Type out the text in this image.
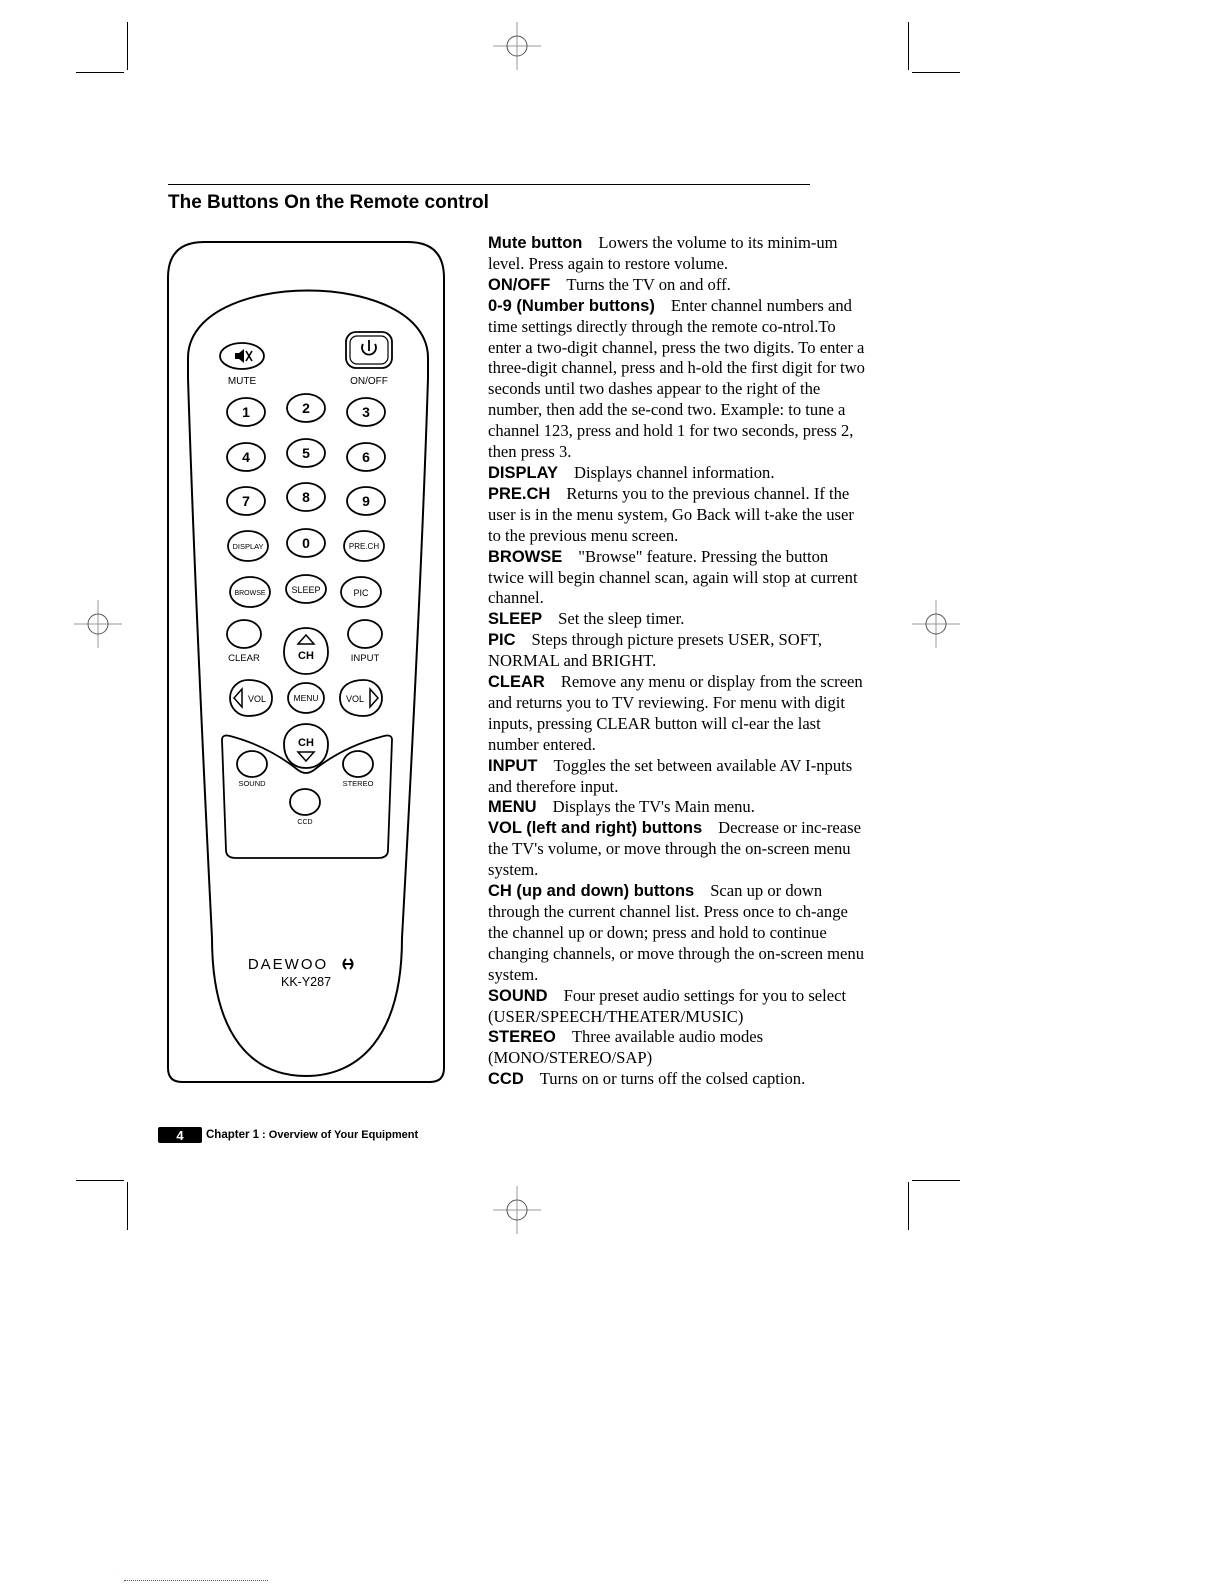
The Buttons On the Remote control
MUTE	ON/OFF
1	2	3
4	5	6
7	8	9
DISPLAY	0	PRE.CH
BROWSE	SLEEP	PIC
CLEAR	INPUT
CH
VOL	MENU	VOL
CH
SOUND	STEREO
CCD
DAEWOO
KK-Y287

Mute button Lowers the volume to its minim-um level. Press again to restore volume.

ON/OFF Turns the TV on and off.

0-9 (Number buttons) Enter channel numbers and time settings directly through the remote co-ntrol.To enter a two-digit channel, press the two digits. To enter a three-digit channel, press and h-old the first digit for two seconds until two dashes appear to the right of the number, then add the se-cond two. Example: to tune a channel 123, press and hold 1 for two seconds, press 2, then press 3.

DISPLAY Displays channel information.

PRE.CH Returns you to the previous channel. If the user is in the menu system, Go Back will t-ake the user to the previous menu screen.

BROWSE "Browse" feature. Pressing the button twice will begin channel scan, again will stop at current channel.

SLEEP Set the sleep timer.

PIC Steps through picture presets USER, SOFT, NORMAL and BRIGHT.

CLEAR Remove any menu or display from the screen and returns you to TV reviewing. For menu with digit inputs, pressing CLEAR button will cl-ear the last number entered.

INPUT Toggles the set between available AV I-nputs and therefore input.

MENU Displays the TV's Main menu.

VOL (left and right) buttons Decrease or inc-rease the TV's volume, or move through the on-screen menu system.

CH (up and down) buttons Scan up or down through the current channel list. Press once to ch-ange the channel up or down; press and hold to continue changing channels, or move through the on-screen menu system.

SOUND Four preset audio settings for you to select (USER/SPEECH/THEATER/MUSIC)

STEREO Three available audio modes (MONO/STEREO/SAP)

CCD Turns on or turns off the colsed caption.

4	Chapter 1 : Overview of Your Equipment
